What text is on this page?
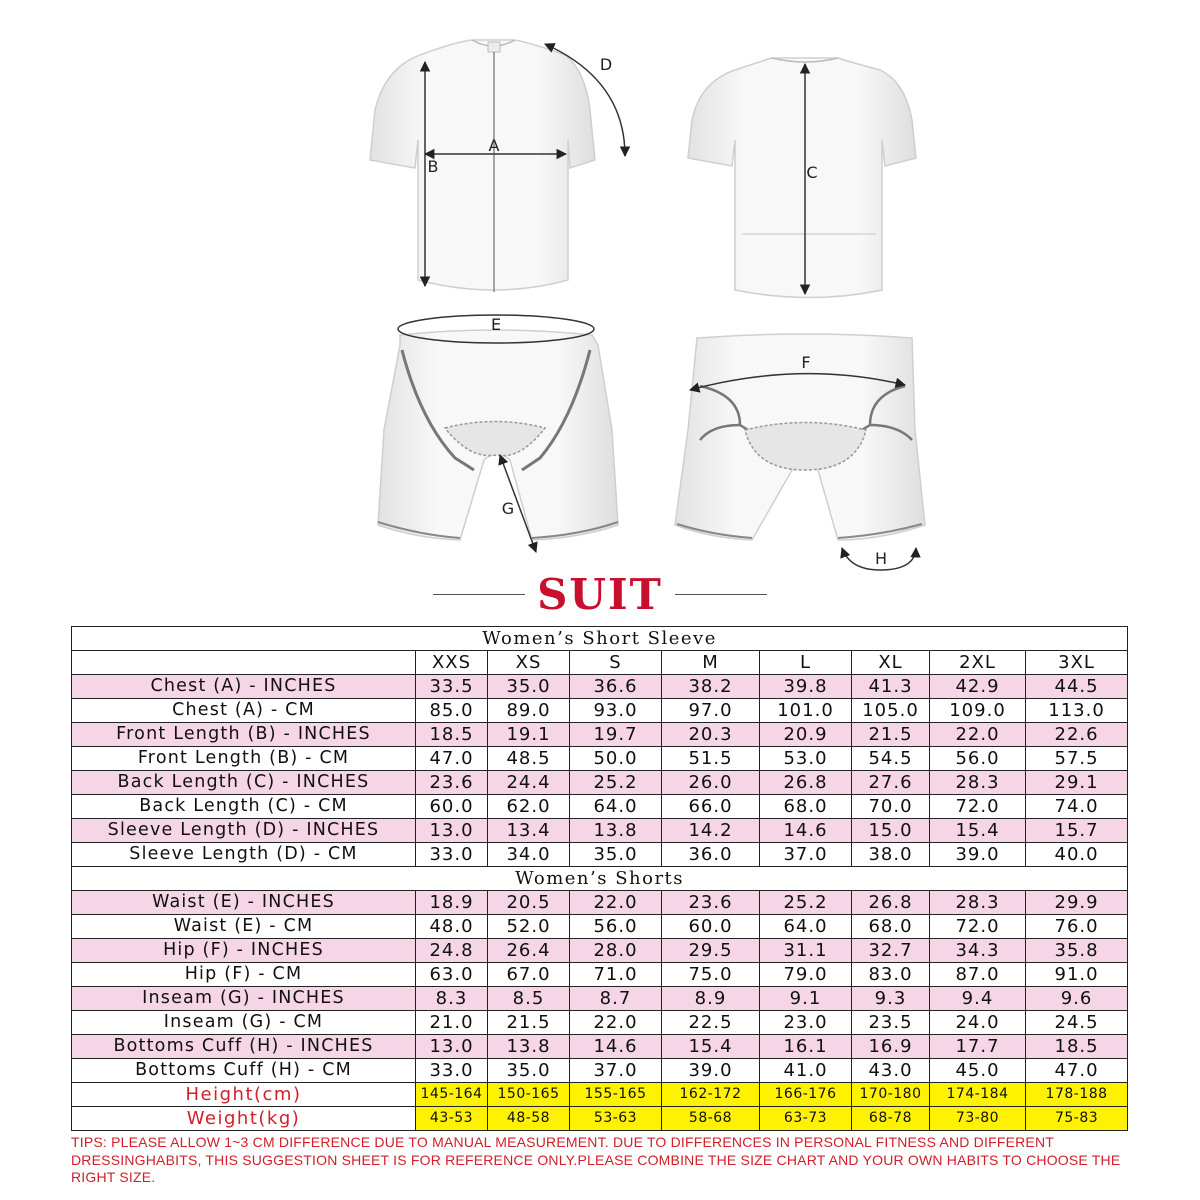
A
B
D
C
E
G
F
H
SUIT
Women’s Short Sleeve								
	XXS	XS	S	M	L	XL	2XL	3XL
Chest (A) - INCHES	33.5	35.0	36.6	38.2	39.8	41.3	42.9	44.5
Chest (A) - CM	85.0	89.0	93.0	97.0	101.0	105.0	109.0	113.0
Front Length (B) - INCHES	18.5	19.1	19.7	20.3	20.9	21.5	22.0	22.6
Front Length (B) - CM	47.0	48.5	50.0	51.5	53.0	54.5	56.0	57.5
Back Length (C) - INCHES	23.6	24.4	25.2	26.0	26.8	27.6	28.3	29.1
Back Length (C) - CM	60.0	62.0	64.0	66.0	68.0	70.0	72.0	74.0
Sleeve Length (D) - INCHES	13.0	13.4	13.8	14.2	14.6	15.0	15.4	15.7
Sleeve Length (D) - CM	33.0	34.0	35.0	36.0	37.0	38.0	39.0	40.0
Women’s Shorts								
Waist (E) - INCHES	18.9	20.5	22.0	23.6	25.2	26.8	28.3	29.9
Waist (E) - CM	48.0	52.0	56.0	60.0	64.0	68.0	72.0	76.0
Hip (F) - INCHES	24.8	26.4	28.0	29.5	31.1	32.7	34.3	35.8
Hip (F) - CM	63.0	67.0	71.0	75.0	79.0	83.0	87.0	91.0
Inseam (G) - INCHES	8.3	8.5	8.7	8.9	9.1	9.3	9.4	9.6
Inseam (G) - CM	21.0	21.5	22.0	22.5	23.0	23.5	24.0	24.5
Bottoms Cuff (H) - INCHES	13.0	13.8	14.6	15.4	16.1	16.9	17.7	18.5
Bottoms Cuff (H) - CM	33.0	35.0	37.0	39.0	41.0	43.0	45.0	47.0
Height(cm)	145-164	150-165	155-165	162-172	166-176	170-180	174-184	178-188
Weight(kg)	43-53	48-58	53-63	58-68	63-73	68-78	73-80	75-83
TIPS: PLEASE ALLOW 1~3 CM DIFFERENCE DUE TO MANUAL MEASUREMENT. DUE TO DIFFERENCES IN PERSONAL FITNESS AND DIFFERENT DRESSINGHABITS, THIS SUGGESTION SHEET IS FOR REFERENCE ONLY.PLEASE COMBINE THE SIZE CHART AND YOUR OWN HABITS TO CHOOSE THE RIGHT SIZE.
